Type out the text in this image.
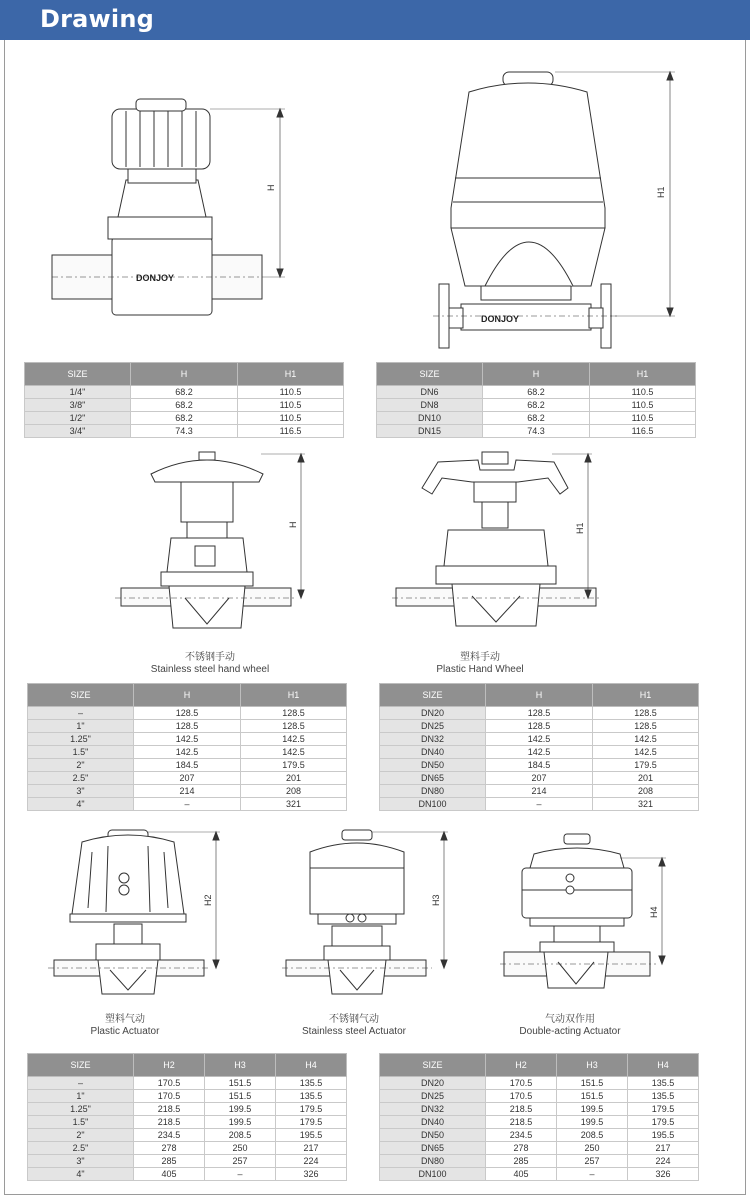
Drawing
H
DONJOY
H1
DONJOY
SIZE	H	H1
1/4"	68.2	110.5
3/8"	68.2	110.5
1/2"	68.2	110.5
3/4"	74.3	116.5
SIZE	H	H1
DN6	68.2	110.5
DN8	68.2	110.5
DN10	68.2	110.5
DN15	74.3	116.5
H
不锈钢手动
Stainless steel hand wheel
H1
塑料手动
Plastic Hand Wheel
SIZE	H	H1
–	128.5	128.5
1"	128.5	128.5
1.25"	142.5	142.5
1.5"	142.5	142.5
2"	184.5	179.5
2.5"	207	201
3"	214	208
4"	–	321
SIZE	H	H1
DN20	128.5	128.5
DN25	128.5	128.5
DN32	142.5	142.5
DN40	142.5	142.5
DN50	184.5	179.5
DN65	207	201
DN80	214	208
DN100	–	321
H2
塑料气动
Plastic Actuator
H3
不锈钢气动
Stainless steel Actuator
H4
气动双作用
Double-acting Actuator
SIZE	H2	H3	H4
–	170.5	151.5	135.5
1"	170.5	151.5	135.5
1.25"	218.5	199.5	179.5
1.5"	218.5	199.5	179.5
2"	234.5	208.5	195.5
2.5"	278	250	217
3"	285	257	224
4"	405	–	326
SIZE	H2	H3	H4
DN20	170.5	151.5	135.5
DN25	170.5	151.5	135.5
DN32	218.5	199.5	179.5
DN40	218.5	199.5	179.5
DN50	234.5	208.5	195.5
DN65	278	250	217
DN80	285	257	224
DN100	405	–	326
